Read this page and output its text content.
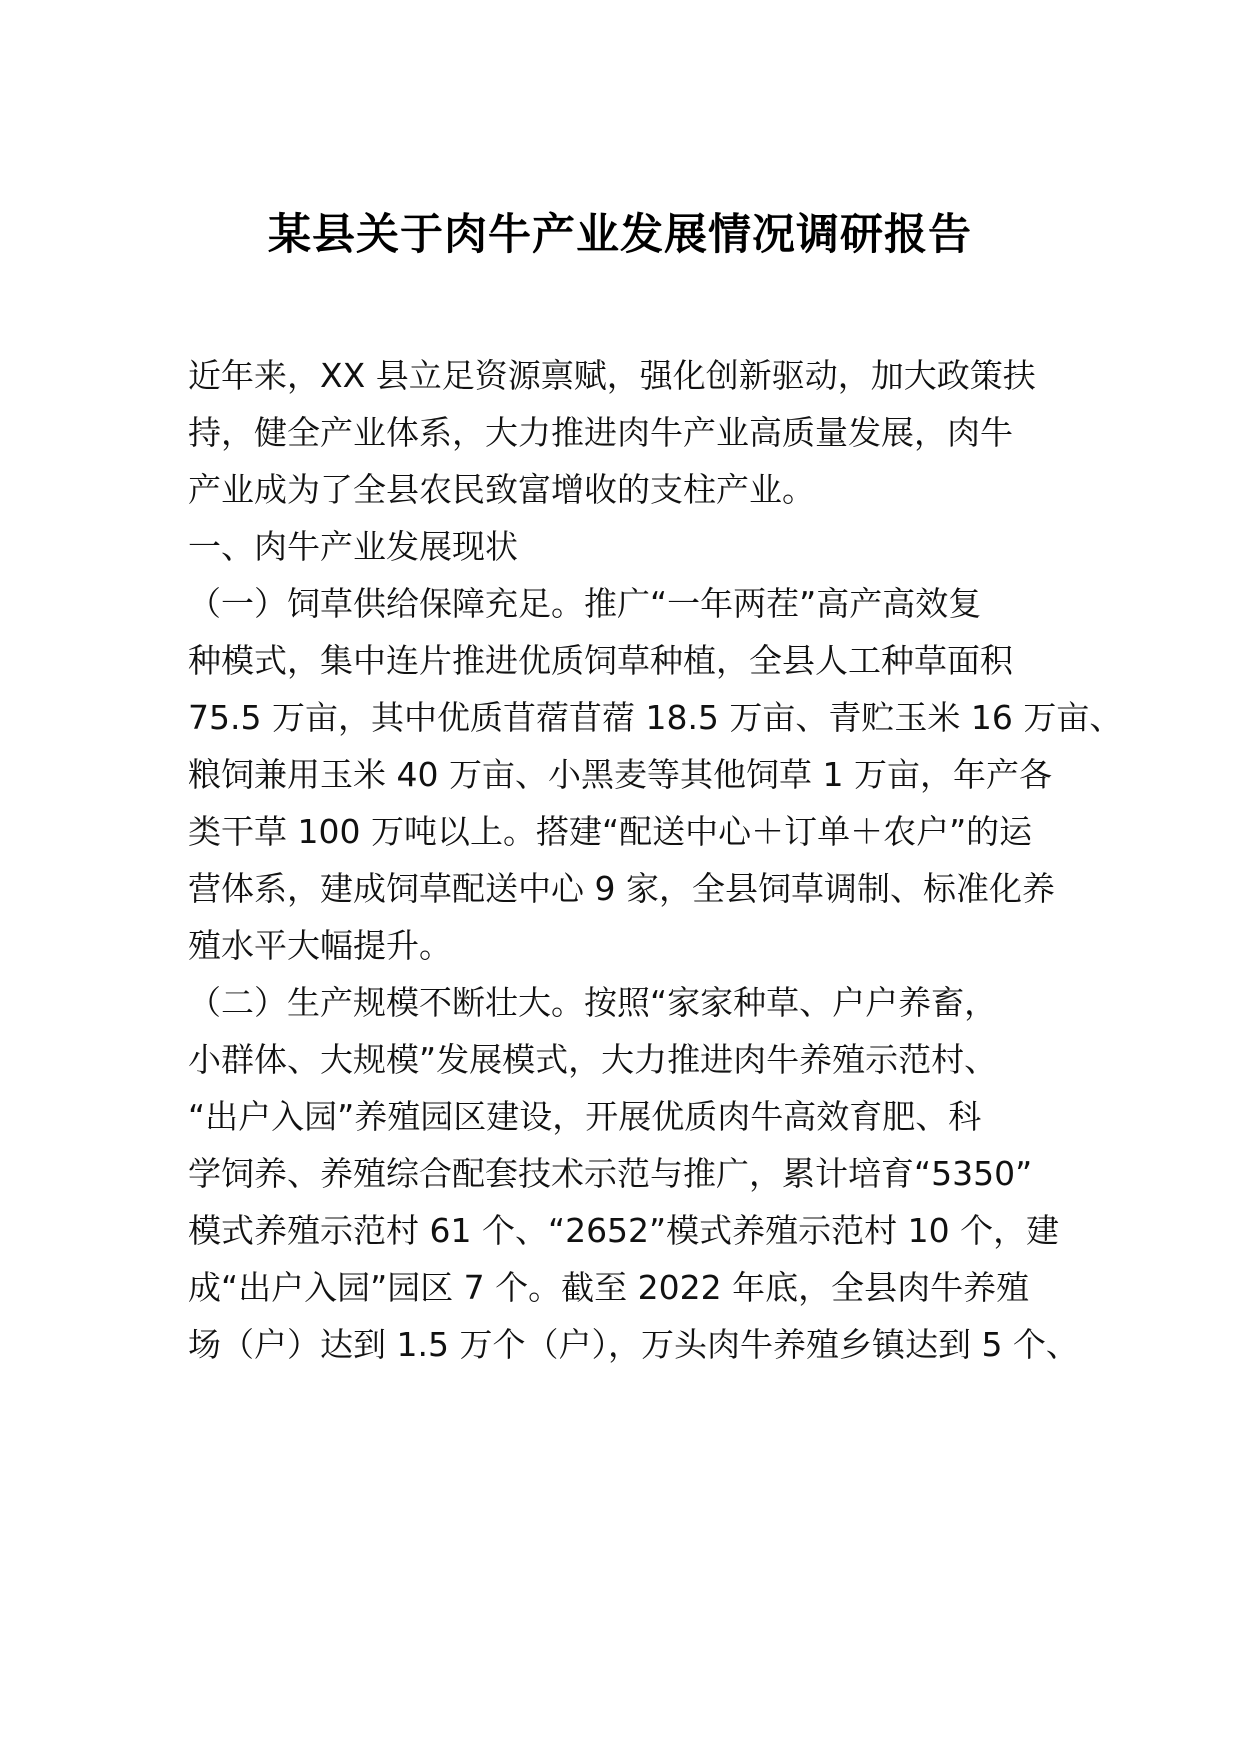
某县关于肉牛产业发展情况调研报告
近年来，XX 县立足资源禀赋，强化创新驱动，加大政策扶
持，健全产业体系，大力推进肉牛产业高质量发展，肉牛
产业成为了全县农民致富增收的支柱产业。
一、肉牛产业发展现状
（一）饲草供给保障充足。推广“一年两茬”高产高效复
种模式，集中连片推进优质饲草种植，全县人工种草面积
75.5 万亩，其中优质苜蓿苜蓿 18.5 万亩、青贮玉米 16 万亩、
粮饲兼用玉米 40 万亩、小黑麦等其他饲草 1 万亩，年产各
类干草 100 万吨以上。搭建“配送中心＋订单＋农户”的运
营体系，建成饲草配送中心 9 家，全县饲草调制、标准化养
殖水平大幅提升。
（二）生产规模不断壮大。按照“家家种草、户户养畜，
小群体、大规模”发展模式，大力推进肉牛养殖示范村、
“出户入园”养殖园区建设，开展优质肉牛高效育肥、科
学饲养、养殖综合配套技术示范与推广，累计培育“5350”
模式养殖示范村 61 个、“2652”模式养殖示范村 10 个，建
成“出户入园”园区 7 个。截至 2022 年底，全县肉牛养殖
场（户）达到 1.5 万个（户），万头肉牛养殖乡镇达到 5 个、
